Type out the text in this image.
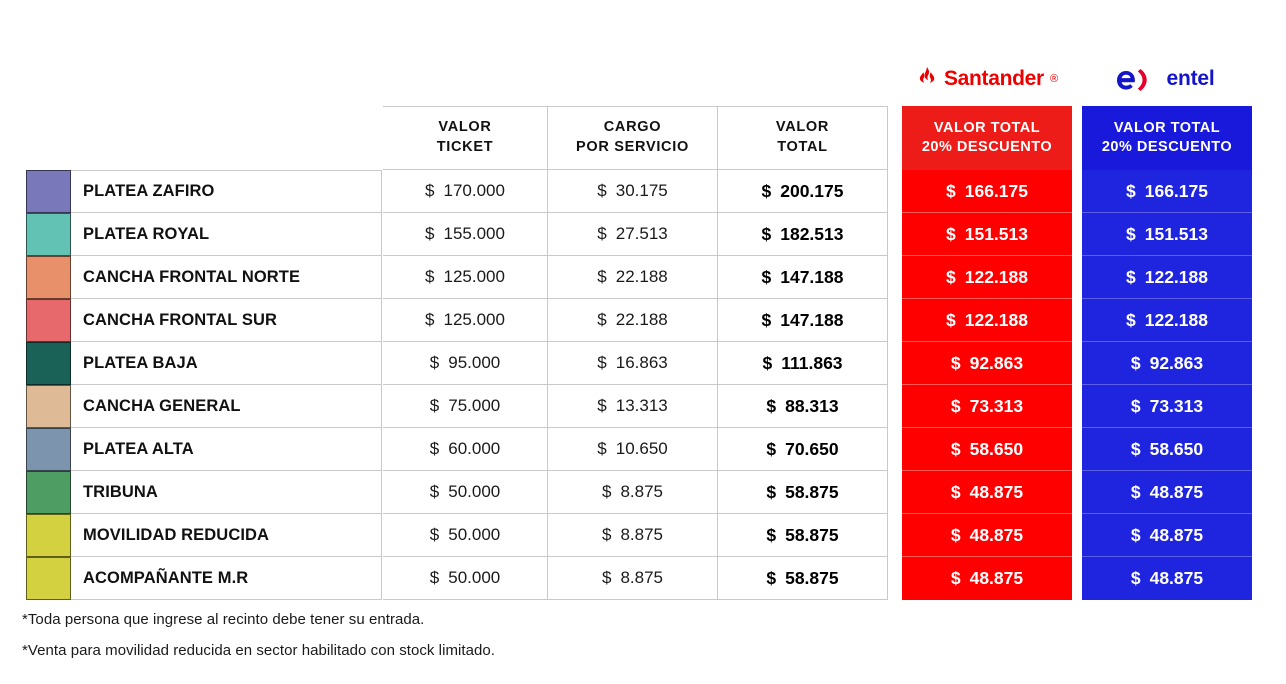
Santander ®	entel
PLATEA ZAFIRO
PLATEA ROYAL
CANCHA FRONTAL NORTE
CANCHA FRONTAL SUR
PLATEA BAJA
CANCHA GENERAL
PLATEA ALTA
TRIBUNA
MOVILIDAD REDUCIDA
ACOMPAÑANTE M.R
VALOR
TICKET
$ 170.000
$ 155.000
$ 125.000
$ 125.000
$ 95.000
$ 75.000
$ 60.000
$ 50.000
$ 50.000
$ 50.000
CARGO
POR SERVICIO
$ 30.175
$ 27.513
$ 22.188
$ 22.188
$ 16.863
$ 13.313
$ 10.650
$ 8.875
$ 8.875
$ 8.875
VALOR
TOTAL
$ 200.175
$ 182.513
$ 147.188
$ 147.188
$ 111.863
$ 88.313
$ 70.650
$ 58.875
$ 58.875
$ 58.875
VALOR TOTAL
20% DESCUENTO
$ 166.175
$ 151.513
$ 122.188
$ 122.188
$ 92.863
$ 73.313
$ 58.650
$ 48.875
$ 48.875
$ 48.875
VALOR TOTAL
20% DESCUENTO
$ 166.175
$ 151.513
$ 122.188
$ 122.188
$ 92.863
$ 73.313
$ 58.650
$ 48.875
$ 48.875
$ 48.875
*Toda persona que ingrese al recinto debe tener su entrada.
*Venta para movilidad reducida en sector habilitado con stock limitado.
